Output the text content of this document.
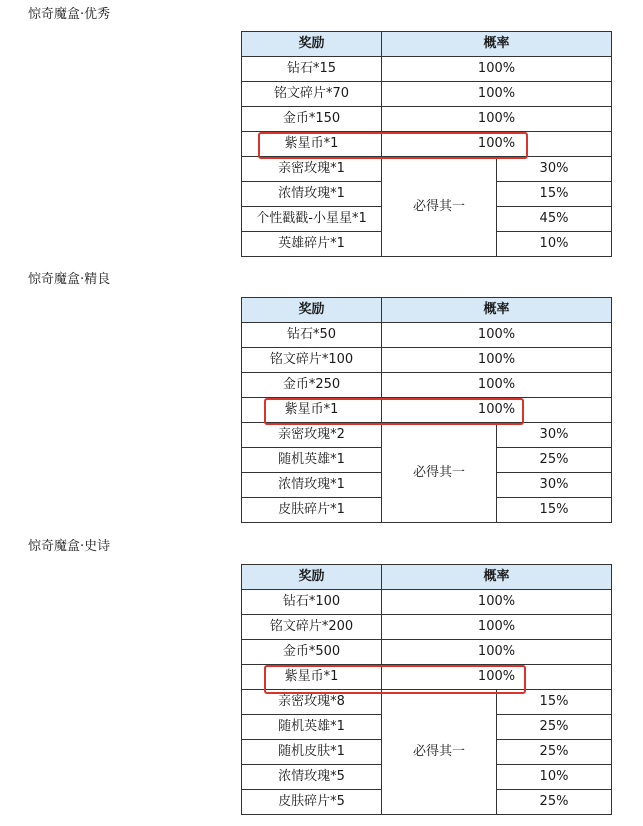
惊奇魔盒·优秀
奖励	概率	
钻石*15	100%	
铭文碎片*70	100%	
金币*150	100%	
紫星币*1	100%	
亲密玫瑰*1	必得其一	30%
浓情玫瑰*1		15%
个性戳戳-小星星*1		45%
英雄碎片*1		10%
惊奇魔盒·精良
奖励	概率	
钻石*50	100%	
铭文碎片*100	100%	
金币*250	100%	
紫星币*1	100%	
亲密玫瑰*2	必得其一	30%
随机英雄*1		25%
浓情玫瑰*1		30%
皮肤碎片*1		15%
惊奇魔盒·史诗
奖励	概率	
钻石*100	100%	
铭文碎片*200	100%	
金币*500	100%	
紫星币*1	100%	
亲密玫瑰*8	必得其一	15%
随机英雄*1		25%
随机皮肤*1		25%
浓情玫瑰*5		10%
皮肤碎片*5		25%
